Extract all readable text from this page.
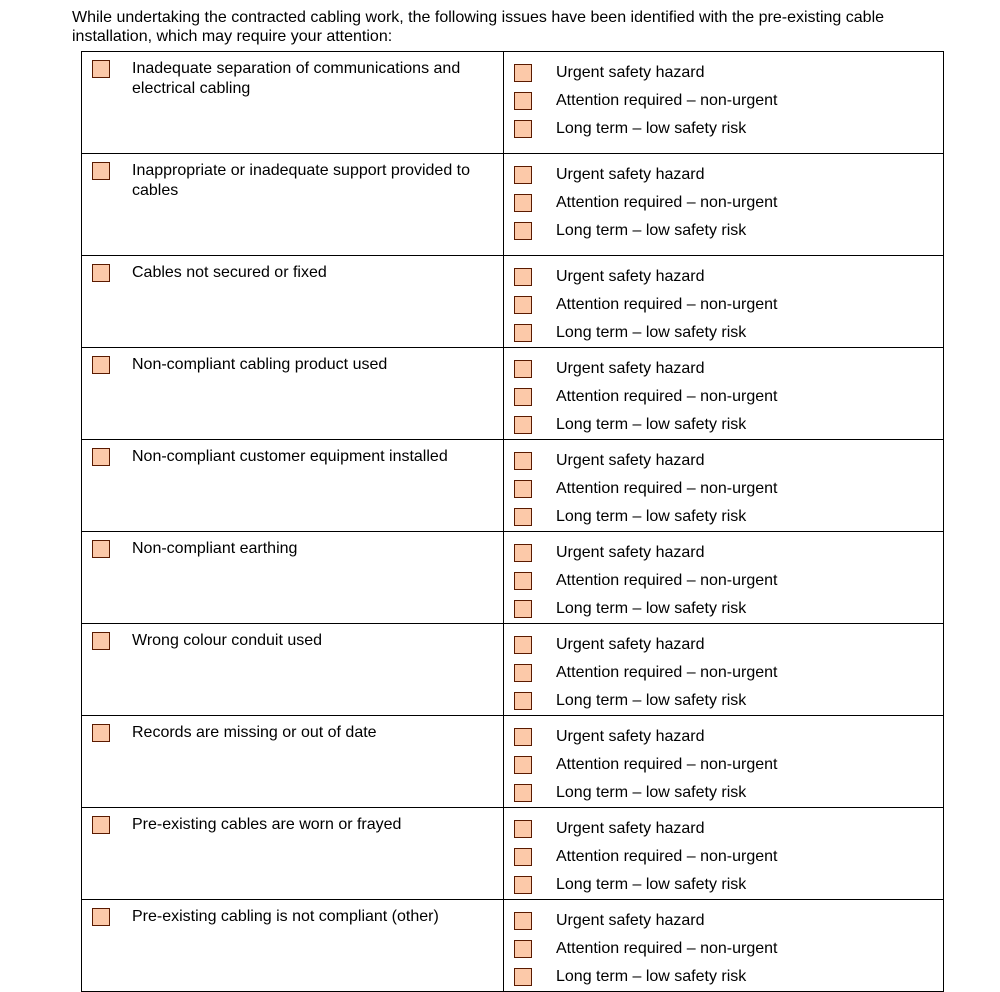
While undertaking the contracted cabling work, the following issues have been identified with the pre-existing cable installation, which may require your attention:

Inadequate separation of communications and electrical cabling	Urgent safety hazard
Attention required – non-urgent
Long term – low safety risk

Inappropriate or inadequate support provided to cables	Urgent safety hazard
Attention required – non-urgent
Long term – low safety risk

Cables not secured or fixed	Urgent safety hazard
Attention required – non-urgent
Long term – low safety risk

Non-compliant cabling product used	Urgent safety hazard
Attention required – non-urgent
Long term – low safety risk

Non-compliant customer equipment installed	Urgent safety hazard
Attention required – non-urgent
Long term – low safety risk

Non-compliant earthing	Urgent safety hazard
Attention required – non-urgent
Long term – low safety risk

Wrong colour conduit used	Urgent safety hazard
Attention required – non-urgent
Long term – low safety risk

Records are missing or out of date	Urgent safety hazard
Attention required – non-urgent
Long term – low safety risk

Pre-existing cables are worn or frayed	Urgent safety hazard
Attention required – non-urgent
Long term – low safety risk

Pre-existing cabling is not compliant (other)	Urgent safety hazard
Attention required – non-urgent
Long term – low safety risk
